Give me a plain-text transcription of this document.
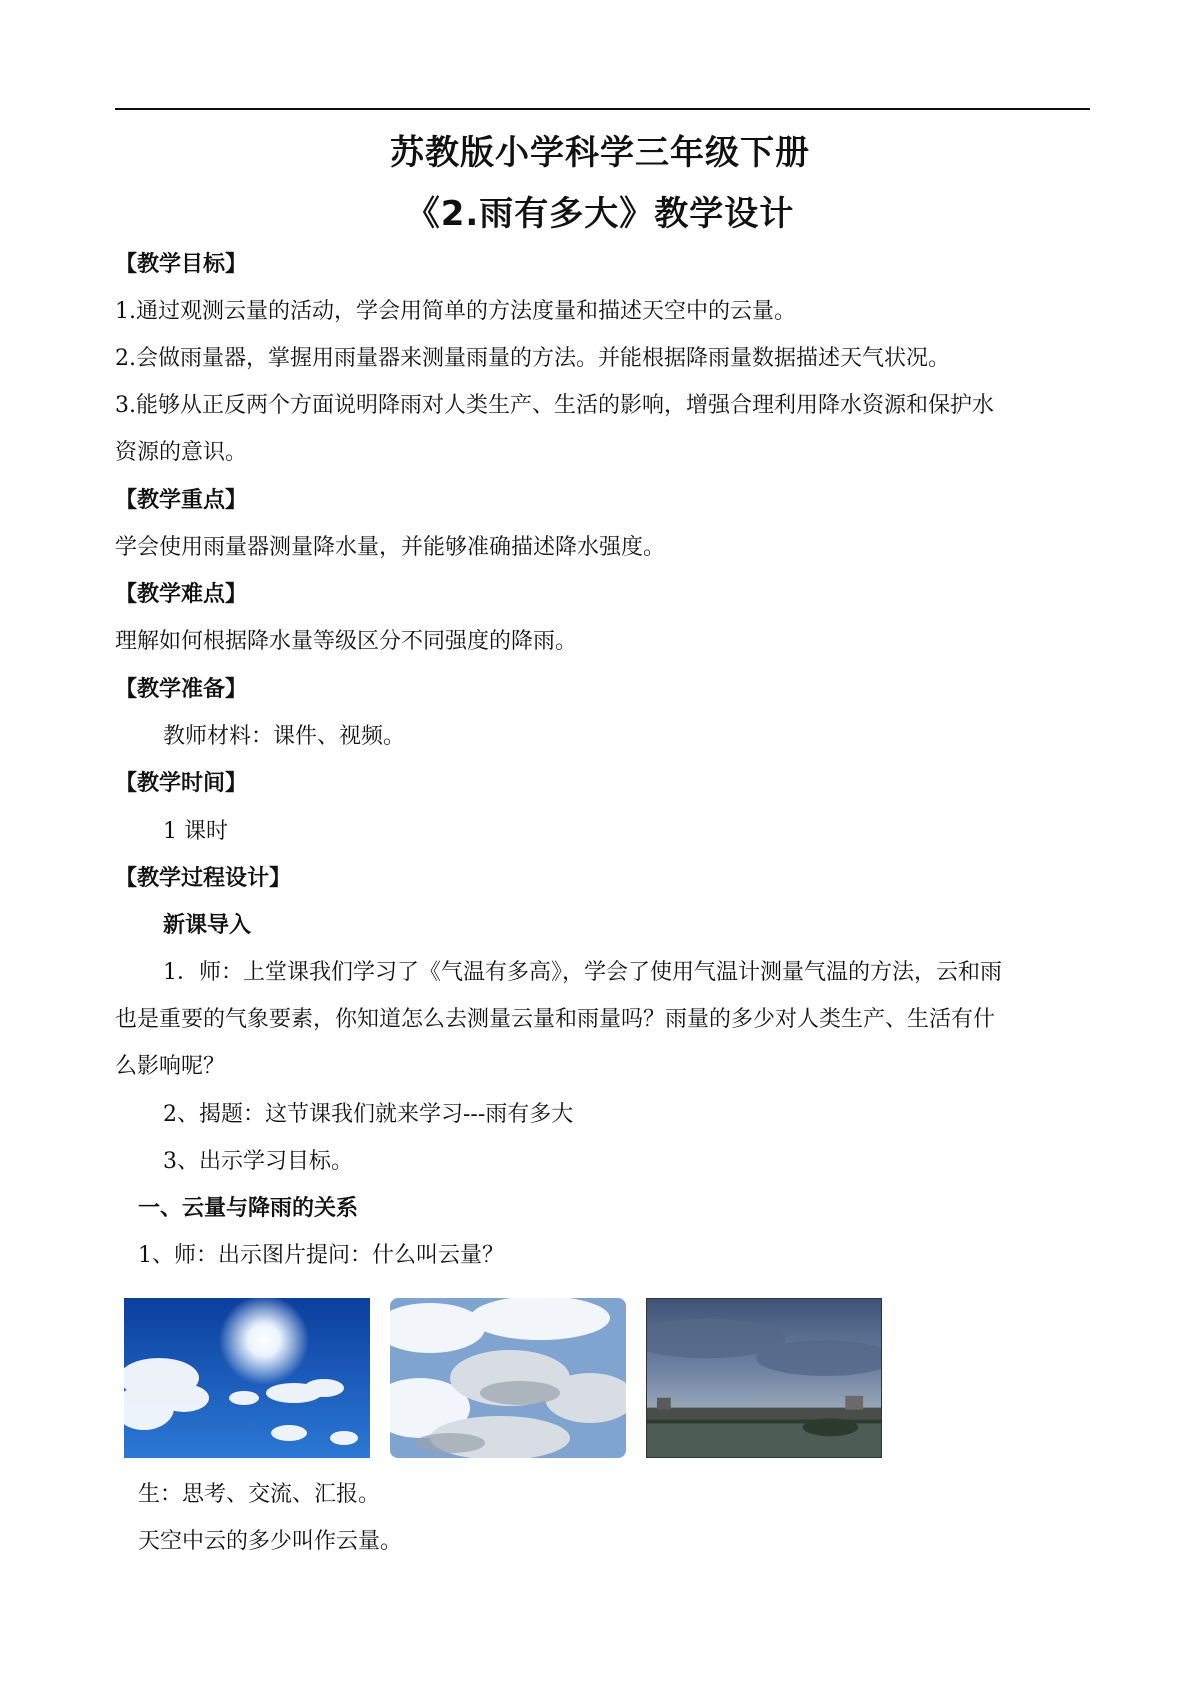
苏教版小学科学三年级下册
《2.雨有多大》教学设计
【教学目标】
1.通过观测云量的活动，学会用简单的方法度量和描述天空中的云量。
2.会做雨量器，掌握用雨量器来测量雨量的方法。并能根据降雨量数据描述天气状况。
3.能够从正反两个方面说明降雨对人类生产、生活的影响，增强合理利用降水资源和保护水
资源的意识。
【教学重点】
学会使用雨量器测量降水量，并能够准确描述降水强度。
【教学难点】
理解如何根据降水量等级区分不同强度的降雨。
【教学准备】
教师材料：课件、视频。
【教学时间】
1 课时
【教学过程设计】
新课导入
1．师：上堂课我们学习了《气温有多高》，学会了使用气温计测量气温的方法，云和雨
也是重要的气象要素，你知道怎么去测量云量和雨量吗？雨量的多少对人类生产、生活有什
么影响呢？
2、揭题：这节课我们就来学习---雨有多大
3、出示学习目标。
一、云量与降雨的关系
1、师：出示图片提问：什么叫云量？
生：思考、交流、汇报。
天空中云的多少叫作云量。
